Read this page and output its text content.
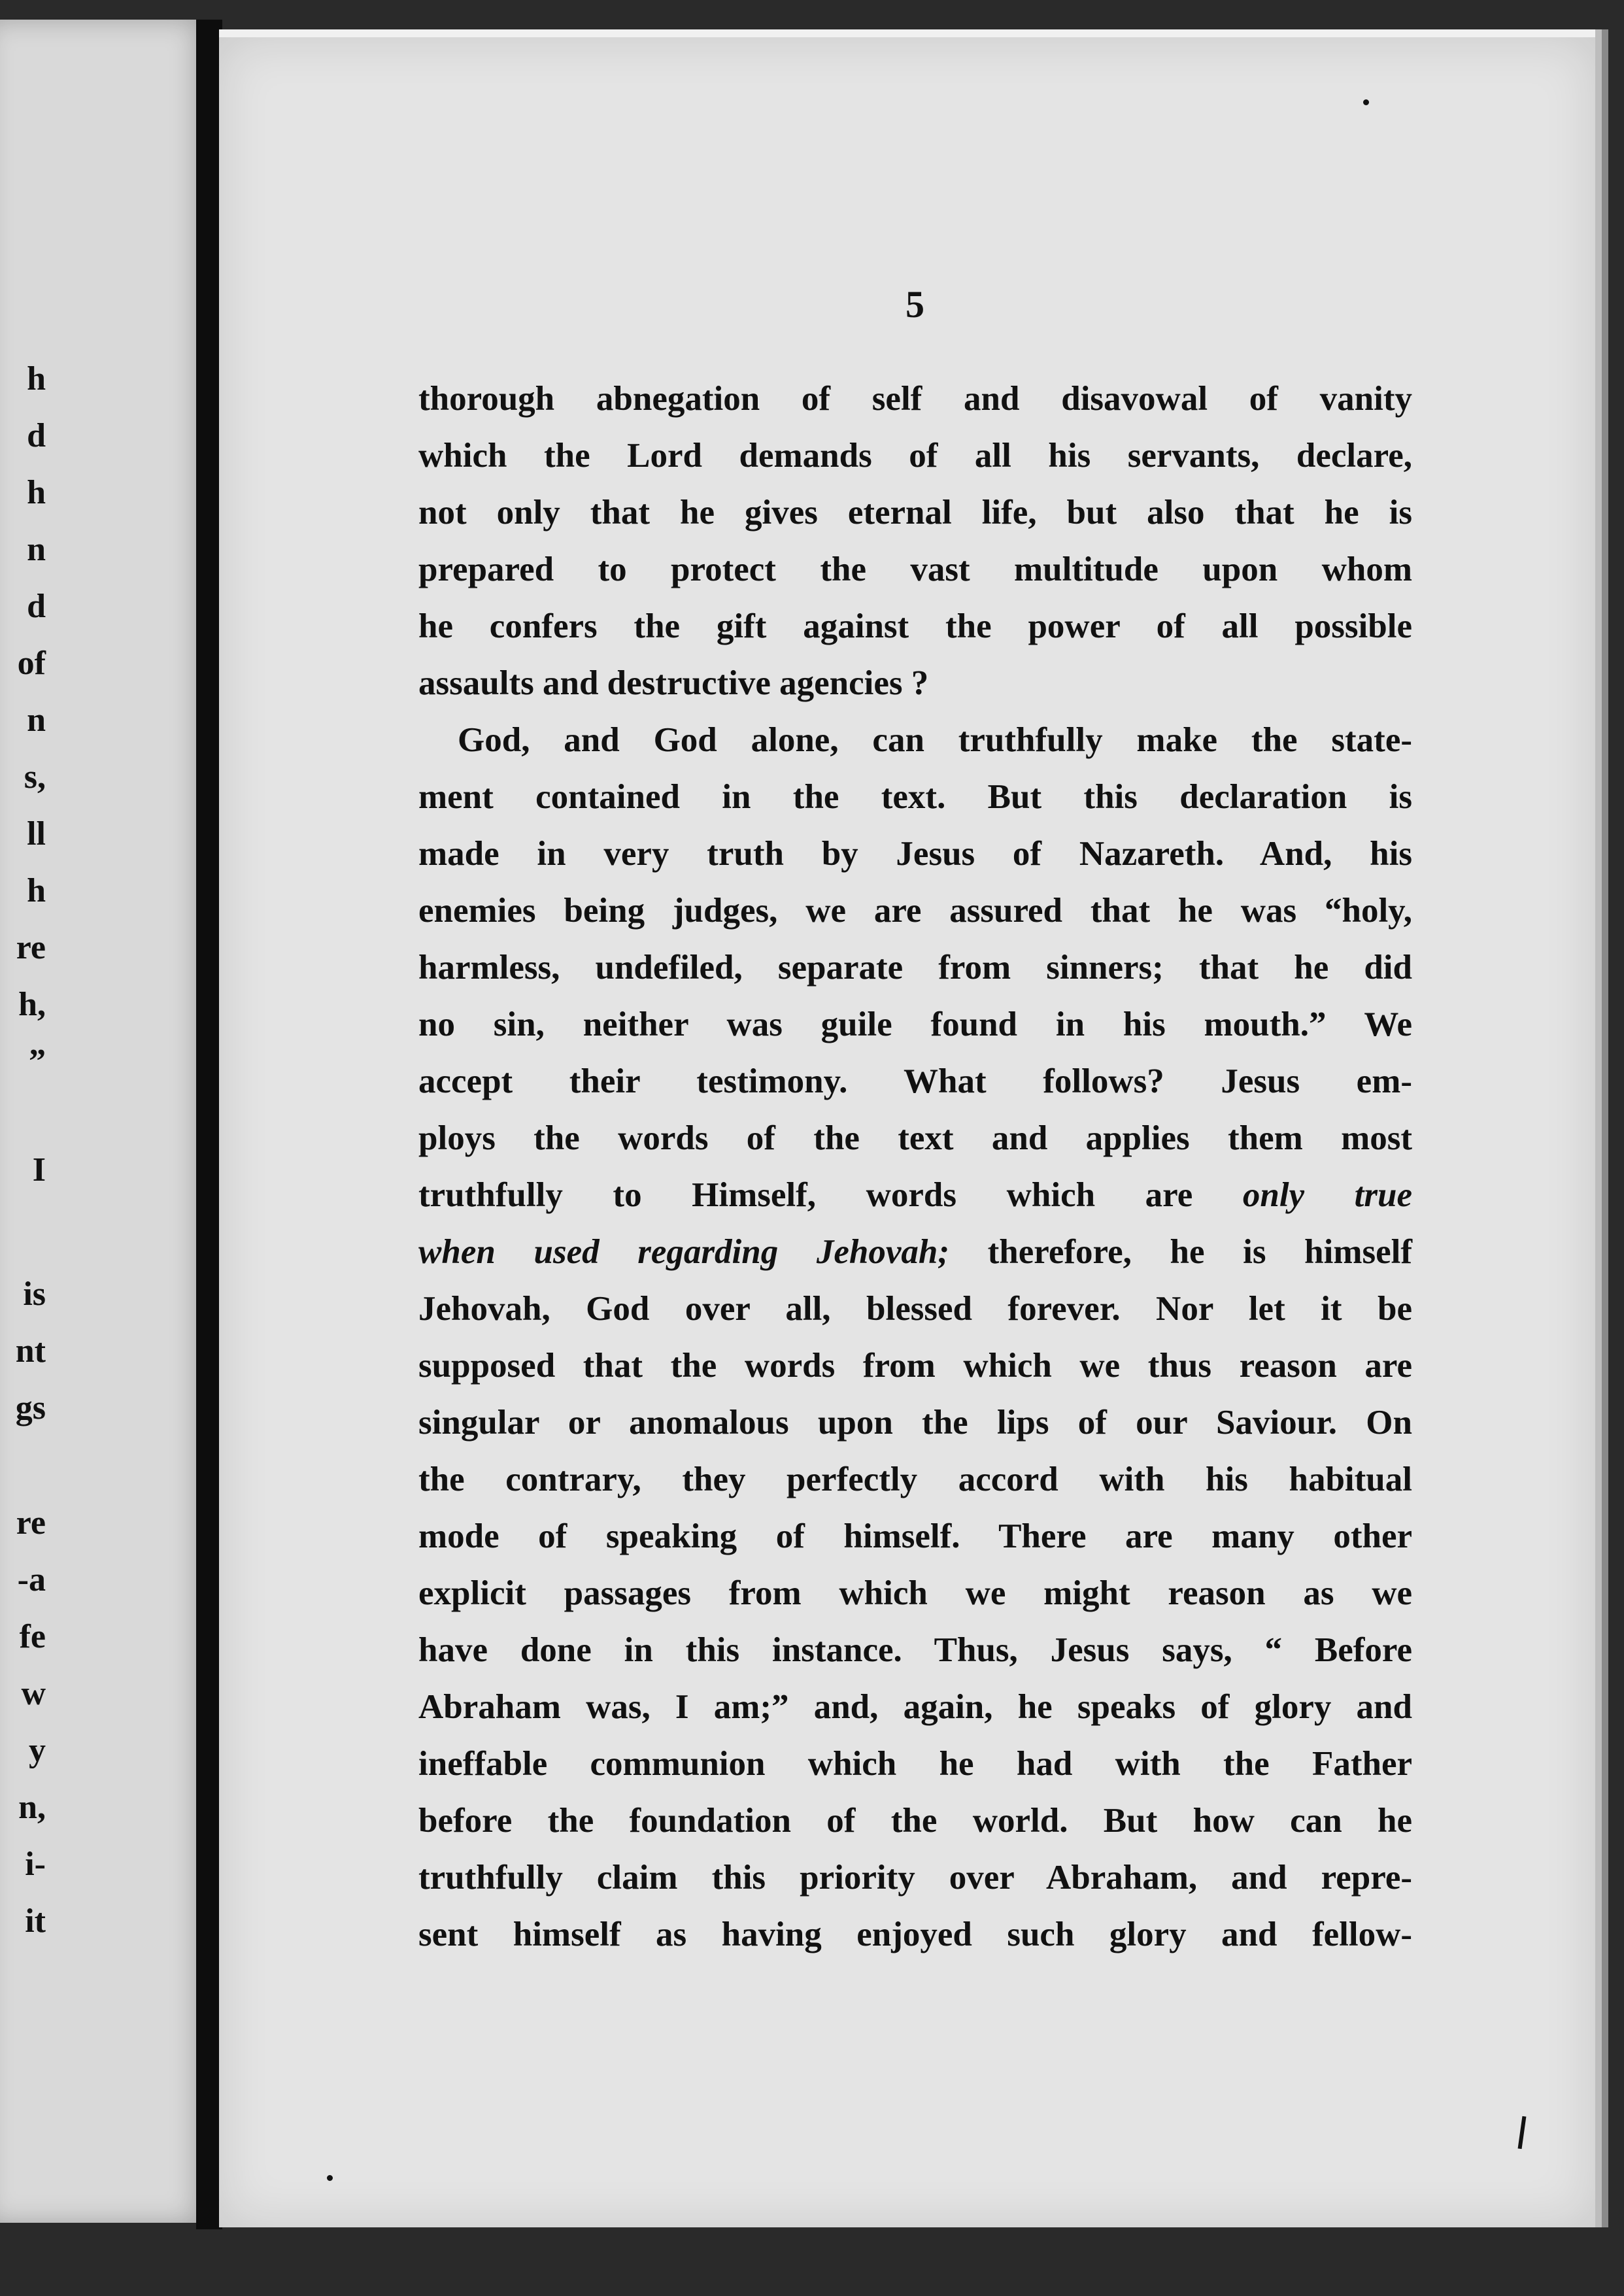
h
d
h
n
d
of
n
s,
ll
h
re
h,
”
I
is
nt
gs
re
-a
fe
w
y
n,
i-
it
5

thorough abnegation of self and disavowal of vanity
which the Lord demands of all his servants, declare,
not only that he gives eternal life, but also that he is
prepared to protect the vast multitude upon whom
he confers the gift against the power of all possible
assaults and destructive agencies ?

God, and God alone, can truthfully make the state-
ment contained in the text. But this declaration is
made in very truth by Jesus of Nazareth. And, his
enemies being judges, we are assured that he was “holy,
harmless, undefiled, separate from sinners; that he did
no sin, neither was guile found in his mouth.” We
accept their testimony. What follows? Jesus em-
ploys the words of the text and applies them most
truthfully to Himself, words which are only true
when used regarding Jehovah; therefore, he is himself
Jehovah, God over all, blessed forever. Nor let it be
supposed that the words from which we thus reason are
singular or anomalous upon the lips of our Saviour. On
the contrary, they perfectly accord with his habitual
mode of speaking of himself. There are many other
explicit passages from which we might reason as we
have done in this instance. Thus, Jesus says, “ Before
Abraham was, I am;” and, again, he speaks of glory and
ineffable communion which he had with the Father
before the foundation of the world. But how can he
truthfully claim this priority over Abraham, and repre-
sent himself as having enjoyed such glory and fellow-
